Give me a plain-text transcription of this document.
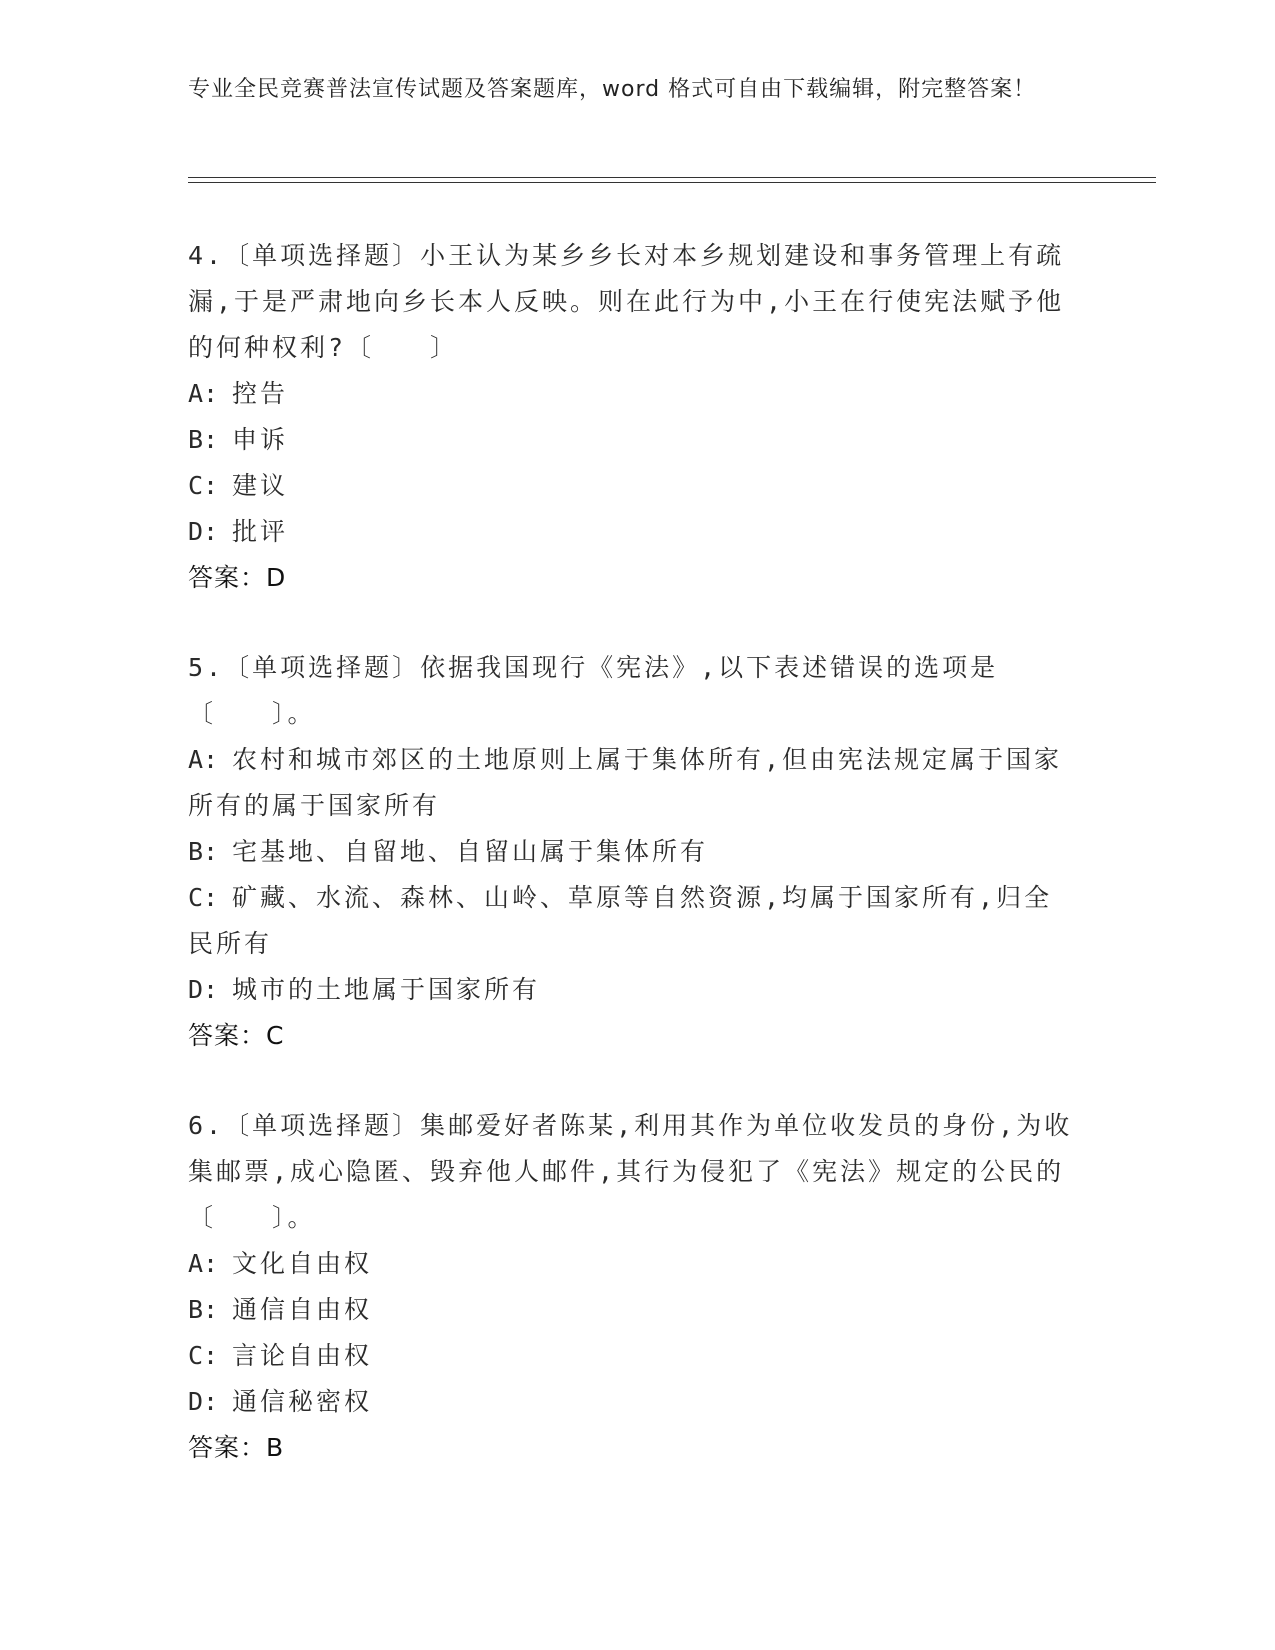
专业全民竞赛普法宣传试题及答案题库，word 格式可自由下载编辑，附完整答案！

4.〔单项选择题〕小王认为某乡乡长对本乡规划建设和事务管理上有疏漏,于是严肃地向乡长本人反映。则在此行为中,小王在行使宪法赋予他的何种权利?〔　　〕

A: 控告

B: 申诉

C: 建议

D: 批评

答案：D

5.〔单项选择题〕依据我国现行《宪法》,以下表述错误的选项是〔　　〕。

A: 农村和城市郊区的土地原则上属于集体所有,但由宪法规定属于国家所有的属于国家所有

B: 宅基地、自留地、自留山属于集体所有

C: 矿藏、水流、森林、山岭、草原等自然资源,均属于国家所有,归全民所有

D: 城市的土地属于国家所有

答案：C

6.〔单项选择题〕集邮爱好者陈某,利用其作为单位收发员的身份,为收集邮票,成心隐匿、毁弃他人邮件,其行为侵犯了《宪法》规定的公民的〔　　〕。

A: 文化自由权

B: 通信自由权

C: 言论自由权

D: 通信秘密权

答案：B
